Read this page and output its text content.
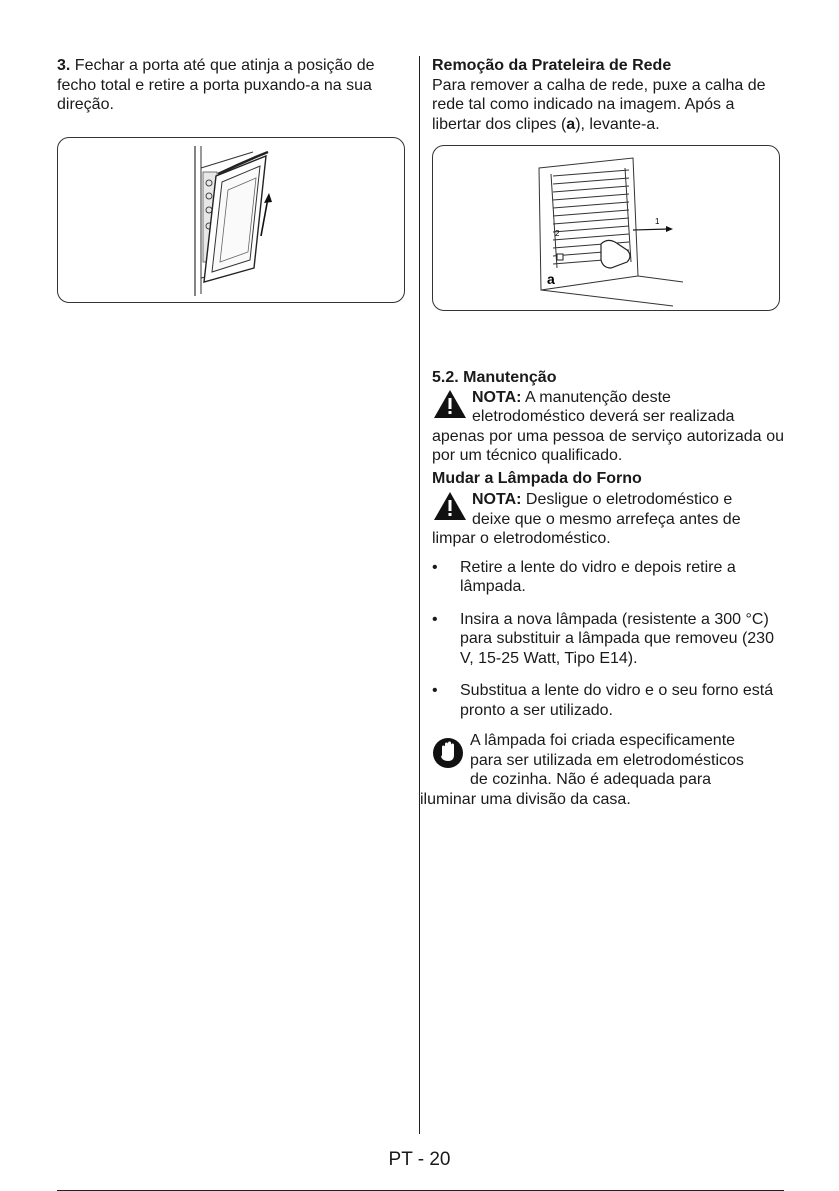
3. Fechar a porta até que atinja a posição de fecho total e retire a porta puxando-a na sua direção.

Remoção da Prateleira de Rede

Para remover a calha de rede, puxe a calha de rede tal como indicado na imagem. Após a libertar dos clipes (a), levante-a.

1
2
a

5.2. Manutenção

NOTA: A manutenção deste

eletrodoméstico deverá ser realizada

apenas por uma pessoa de serviço autorizada ou por um técnico qualificado.

Mudar a Lâmpada do Forno

NOTA: Desligue o eletrodoméstico e

deixe que o mesmo arrefeça antes de

limpar o eletrodoméstico.

• Retire a lente do vidro e depois retire a lâmpada.
• Insira a nova lâmpada (resistente a 300 °C) para substituir a lâmpada que removeu (230 V, 15-25 Watt, Tipo E14).
• Substitua a lente do vidro e o seu forno está pronto a ser utilizado.

A lâmpada foi criada especificamente

para ser utilizada em eletrodomésticos

de cozinha. Não é adequada para

iluminar uma divisão da casa.

PT - 20
